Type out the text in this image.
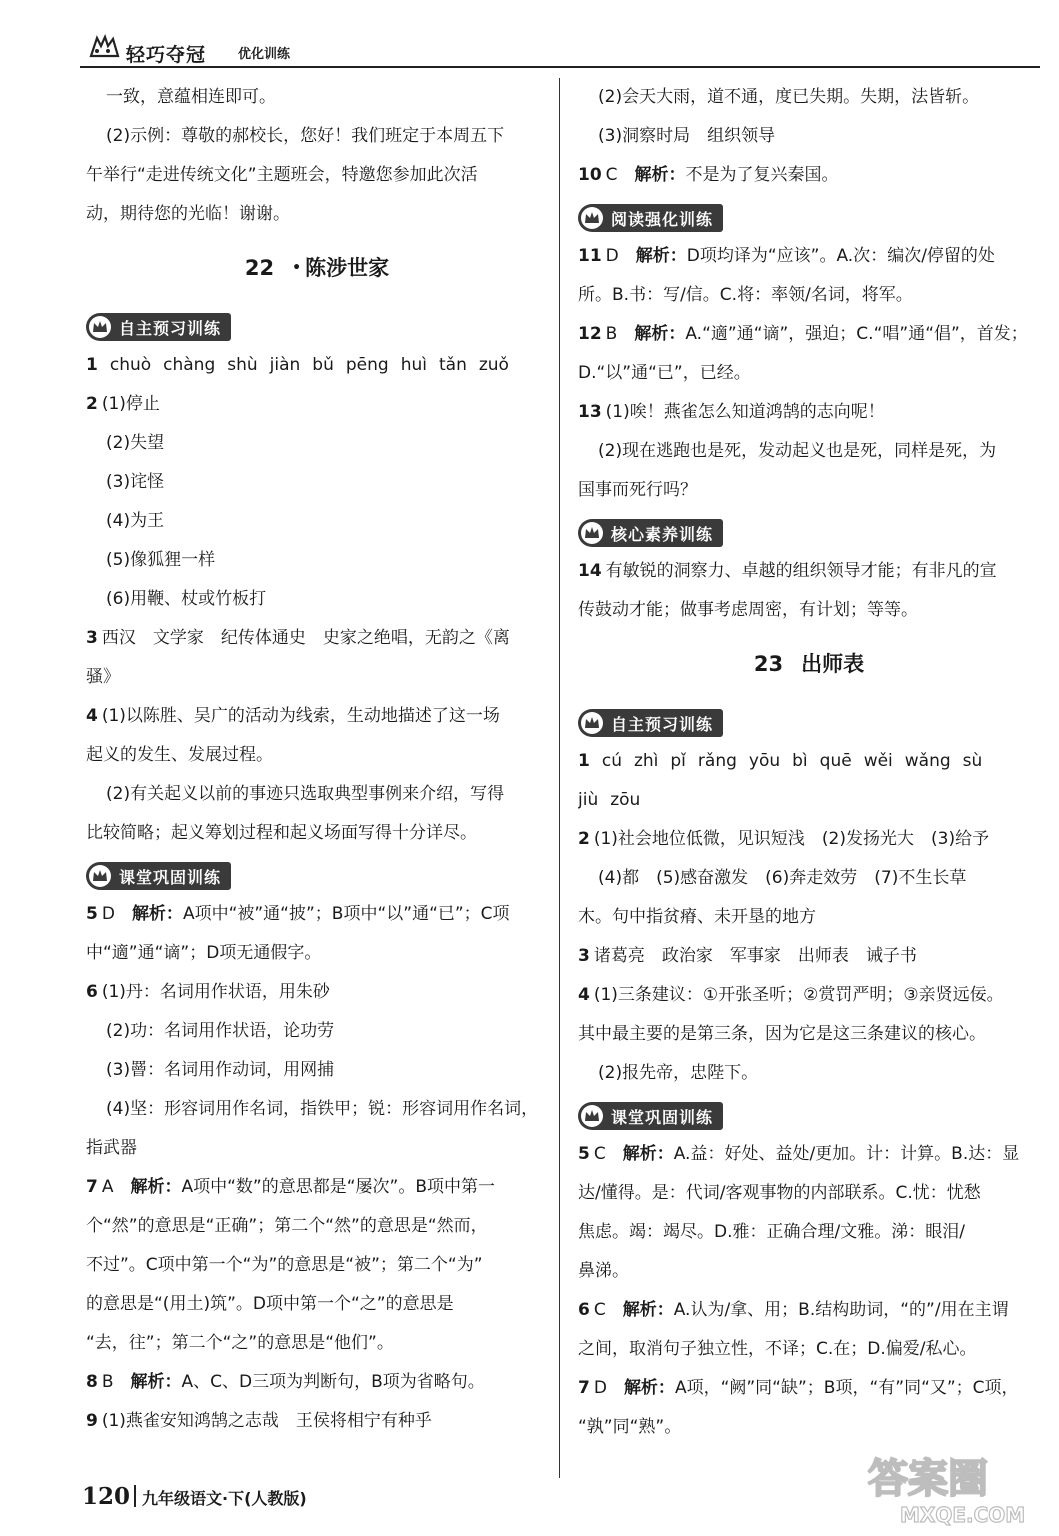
轻巧夺冠 优化训练
一致，意蕴相连即可。
(2)示例：尊敬的郝校长，您好！我们班定于本周五下
午举行“走进传统文化”主题班会，特邀您参加此次活
动，期待您的光临！谢谢。
22 • 陈涉世家
自主预习训练
1 chuò chàng shù jiàn bǔ pēng huì tǎn zuǒ
2 (1)停止
(2)失望
(3)诧怪
(4)为王
(5)像狐狸一样
(6)用鞭、杖或竹板打
3 西汉　文学家　纪传体通史　史家之绝唱，无韵之《离
骚》
4 (1)以陈胜、吴广的活动为线索，生动地描述了这一场
起义的发生、发展过程。
(2)有关起义以前的事迹只选取典型事例来介绍，写得
比较简略；起义筹划过程和起义场面写得十分详尽。
课堂巩固训练
5 D　 解析：A项中“被”通“披”；B项中“以”通“已”；C项
中“適”通“谪”；D项无通假字。
6 (1)丹：名词用作状语，用朱砂
(2)功：名词用作状语，论功劳
(3)罾：名词用作动词，用网捕
(4)坚：形容词用作名词，指铁甲；锐：形容词用作名词，
指武器
7 A　 解析：A项中“数”的意思都是“屡次”。B项中第一
个“然”的意思是“正确”；第二个“然”的意思是“然而，
不过”。C项中第一个“为”的意思是“被”；第二个“为”
的意思是“(用土)筑”。D项中第一个“之”的意思是
“去，往”；第二个“之”的意思是“他们”。
8 B　 解析：A、C、D三项为判断句，B项为省略句。
9 (1)燕雀安知鸿鹄之志哉　王侯将相宁有种乎
(2)会天大雨，道不通，度已失期。失期，法皆斩。
(3)洞察时局　组织领导
10 C　 解析：不是为了复兴秦国。
阅读强化训练
11 D　 解析：D项均译为“应该”。A.次：编次/停留的处
所。B.书：写/信。C.将：率领/名词，将军。
12 B　 解析：A.“適”通“谪”，强迫；C.“唱”通“倡”，首发；
D.“以”通“已”，已经。
13 (1)唉！燕雀怎么知道鸿鹄的志向呢！
(2)现在逃跑也是死，发动起义也是死，同样是死，为
国事而死行吗？
核心素养训练
14 有敏锐的洞察力、卓越的组织领导才能；有非凡的宣
传鼓动才能；做事考虑周密，有计划；等等。
23 出师表
自主预习训练
1 cú zhì pǐ rǎng yōu bì quē wěi wǎng sù
jiù zōu
2 (1)社会地位低微，见识短浅　(2)发扬光大　(3)给予
(4)都　(5)感奋激发　(6)奔走效劳　(7)不生长草
木。句中指贫瘠、未开垦的地方
3 诸葛亮　政治家　军事家　出师表　诫子书
4 (1)三条建议：①开张圣听；②赏罚严明；③亲贤远佞。
其中最主要的是第三条，因为它是这三条建议的核心。
(2)报先帝，忠陛下。
课堂巩固训练
5 C　 解析：A.益：好处、益处/更加。计：计算。B.达：显
达/懂得。是：代词/客观事物的内部联系。C.忧：忧愁
焦虑。竭：竭尽。D.雅：正确合理/文雅。涕：眼泪/
鼻涕。
6 C　 解析：A.认为/拿、用；B.结构助词，“的”/用在主谓
之间，取消句子独立性，不译；C.在；D.偏爱/私心。
7 D　 解析：A项，“阙”同“缺”；B项，“有”同“又”；C项，
“孰”同“熟”。
120 九年级语文·下(人教版)	答案圈
MXQE.COM
